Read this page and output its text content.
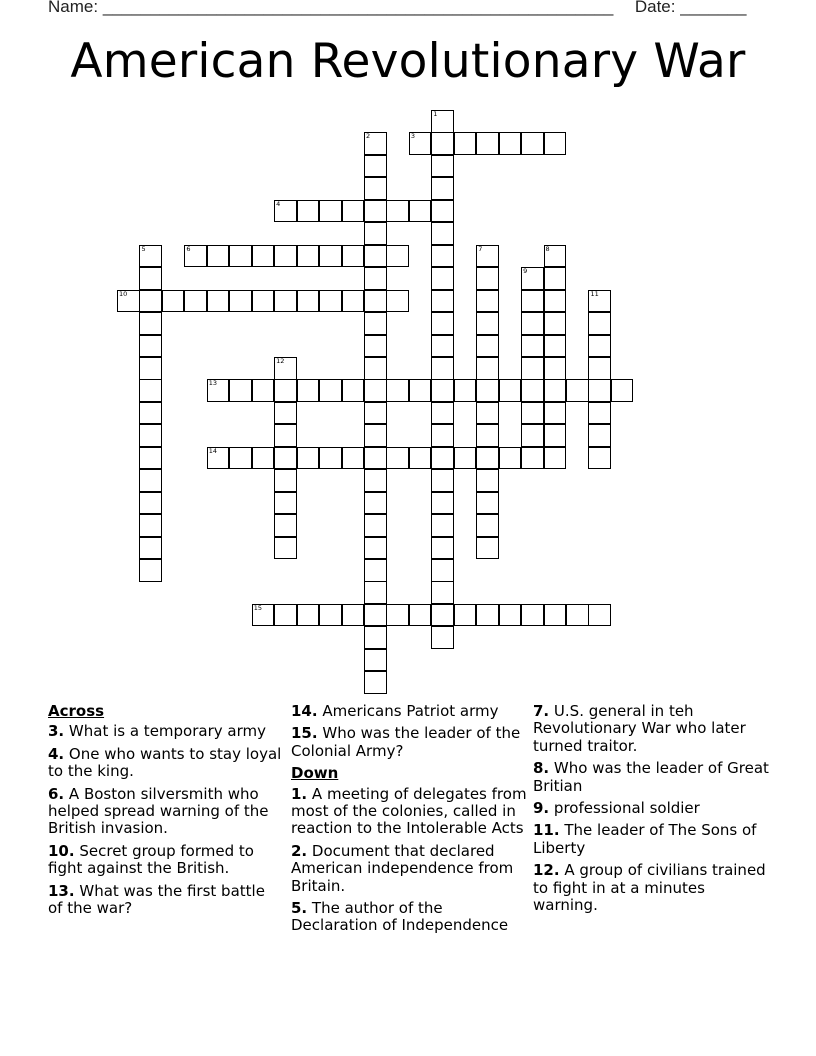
Name: ______________________________________________________ Date: _______
American Revolutionary War
1
2	3
4
5	6	7	8
9
10	11
12
13
14
15
Across
3. What is a temporary army
4. One who wants to stay loyal to the king.
6. A Boston silversmith who helped spread warning of the British invasion.
10. Secret group formed to fight against the British.
13. What was the first battle of the war?
14. Americans Patriot army
15. Who was the leader of the Colonial Army?
Down
1. A meeting of delegates from most of the colonies, called in reaction to the Intolerable Acts
2. Document that declared American independence from Britain.
5. The author of the Declaration of Independence
7. U.S. general in teh Revolutionary War who later turned traitor.
8. Who was the leader of Great Britian
9. professional soldier
11. The leader of The Sons of Liberty
12. A group of civilians trained to fight in at a minutes warning.
